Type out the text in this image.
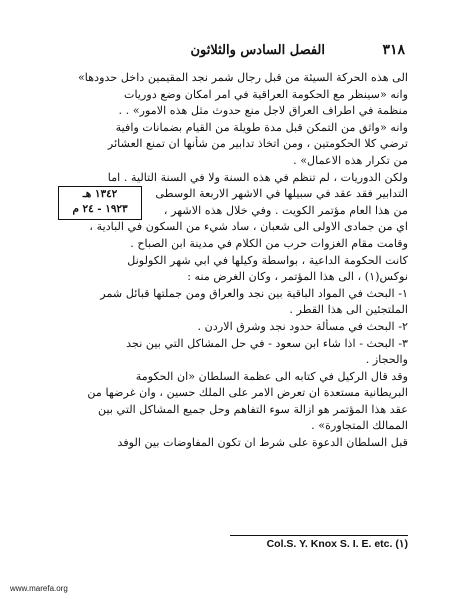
٣١٨
الفصل السادس والثلاثون
الى هذه الحركة السيئة من قبل رجال شمر نجد المقيمين داخل حدودها»
وانه «سينظر مع الحكومة العراقية في امر امكان وضع دوريات
منظمة في اطراف العراق لاجل منع حدوث مثل هذه الامور» . .
وانه «واثق من التمكن قبل مدة طويلة من القيام بضمانات وافية
ترضي كلا الحكومتين ، ومن اتخاذ تدابير من شأنها ان تمنع العشائر
من تكرار هذه الاعمال» .
ولكن الدوريات ، لم تنظم في هذه السنة ولا في السنة التالية . اما
١٣٤٢ هـ
١٩٢٣ - ٢٤ م
التدابير فقد عقد في سبيلها في الاشهر الاربعة الوسطى
من هذا العام مؤتمر الكويت . وفي خلال هذه الاشهر ،
اي من جمادى الاولى الى شعبان ، ساد شيء من السكون في البادية ،
وقامت مقام الغزوات حرب من الكلام في مدينة ابن الصباح .
كانت الحكومة الداعية ، بواسطة وكيلها في ابي شهر الكولونل
نوكس(١) ، الى هذا المؤتمر ، وكان الغرض منه :
١- البحث في المواد الباقية بين نجد والعراق ومن جملتها قبائل شمر
الملتجئين الى هذا القطر .
٢- البحث في مسألة حدود نجد وشرق الاردن .
٣- البحث - اذا شاء ابن سعود - في حل المشاكل التي بين نجد
والحجاز .
وقد قال الركيل في كتابه الى عظمة السلطان «ان الحكومة
البريطانية مستعدة ان تعرض الامر على الملك حسين ، وان غرضها من
عقد هذا المؤتمر هو ازالة سوء التفاهم وحل جميع المشاكل التي بين
الممالك المتجاورة» .
قبل السلطان الدعوة على شرط ان تكون المفاوضات بين الوفد
Col.S. Y. Knox S. I. E. etc. (١)
www.marefa.org
